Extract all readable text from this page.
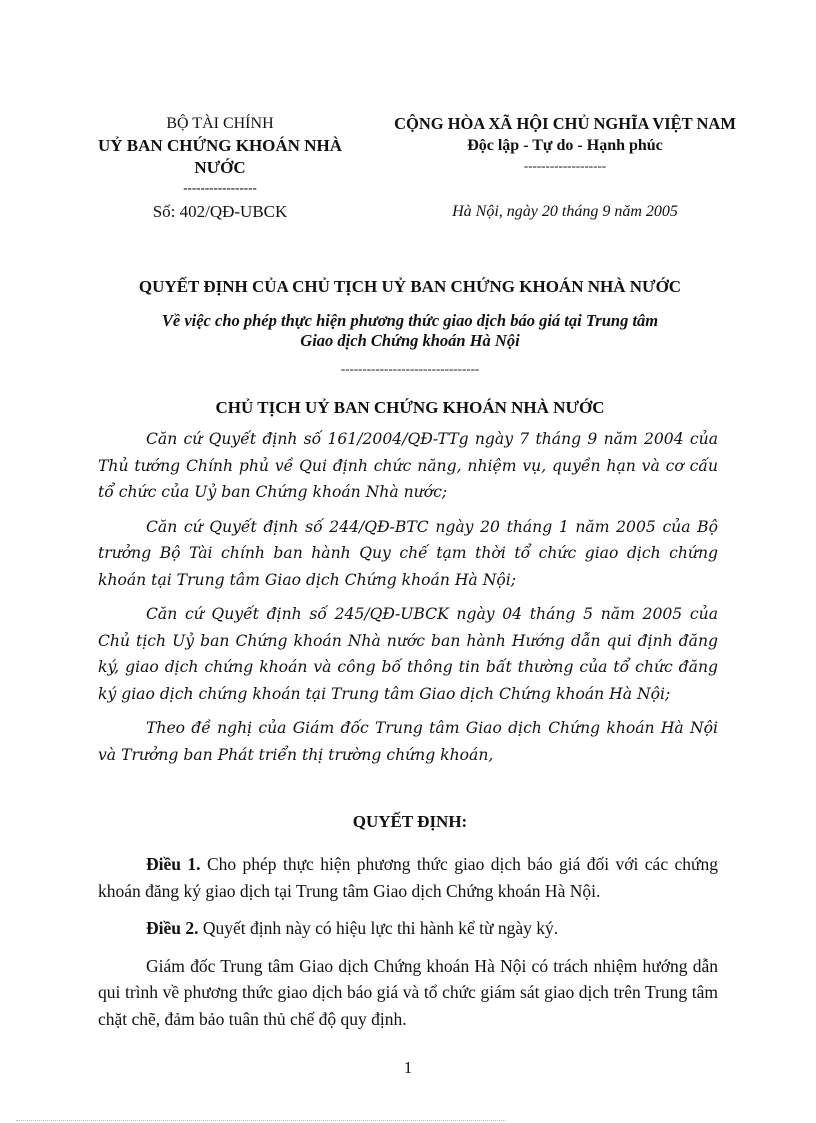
BỘ TÀI CHÍNH
UỶ BAN CHỨNG KHOÁN NHÀ
NƯỚC
-----------------
Số: 402/QĐ-UBCK
CỘNG HÒA XÃ HỘI CHỦ NGHĨA VIỆT NAM
Độc lập - Tự do - Hạnh phúc
-------------------
Hà Nội, ngày 20 tháng 9 năm 2005
QUYẾT ĐỊNH CỦA CHỦ TỊCH UỶ BAN CHỨNG KHOÁN NHÀ NƯỚC
Về việc cho phép thực hiện phương thức giao dịch báo giá tại Trung tâm
Giao dịch Chứng khoán Hà Nội
--------------------------------
CHỦ TỊCH UỶ BAN CHỨNG KHOÁN NHÀ NƯỚC

Căn cứ Quyết định số 161/2004/QĐ-TTg ngày 7 tháng 9 năm 2004 của Thủ tướng Chính phủ về Qui định chức năng, nhiệm vụ, quyền hạn và cơ cấu tổ chức của Uỷ ban Chứng khoán Nhà nước;

Căn cứ Quyết định số 244/QĐ-BTC ngày 20 tháng 1 năm 2005 của Bộ trưởng Bộ Tài chính ban hành Quy chế tạm thời tổ chức giao dịch chứng khoán tại Trung tâm Giao dịch Chứng khoán Hà Nội;

Căn cứ Quyết định số 245/QĐ-UBCK ngày 04 tháng 5 năm 2005 của Chủ tịch Uỷ ban Chứng khoán Nhà nước ban hành Hướng dẫn qui định đăng ký, giao dịch chứng khoán và công bố thông tin bất thường của tổ chức đăng ký giao dịch chứng khoán tại Trung tâm Giao dịch Chứng khoán Hà Nội;

Theo đề nghị của Giám đốc Trung tâm Giao dịch Chứng khoán Hà Nội và Trưởng ban Phát triển thị trường chứng khoán,

QUYẾT ĐỊNH:

Điều 1. Cho phép thực hiện phương thức giao dịch báo giá đối với các chứng khoán đăng ký giao dịch tại Trung tâm Giao dịch Chứng khoán Hà Nội.

Điều 2. Quyết định này có hiệu lực thi hành kể từ ngày ký.

Giám đốc Trung tâm Giao dịch Chứng khoán Hà Nội có trách nhiệm hướng dẫn qui trình về phương thức giao dịch báo giá và tổ chức giám sát giao dịch trên Trung tâm chặt chẽ, đảm bảo tuân thủ chế độ quy định.

1
